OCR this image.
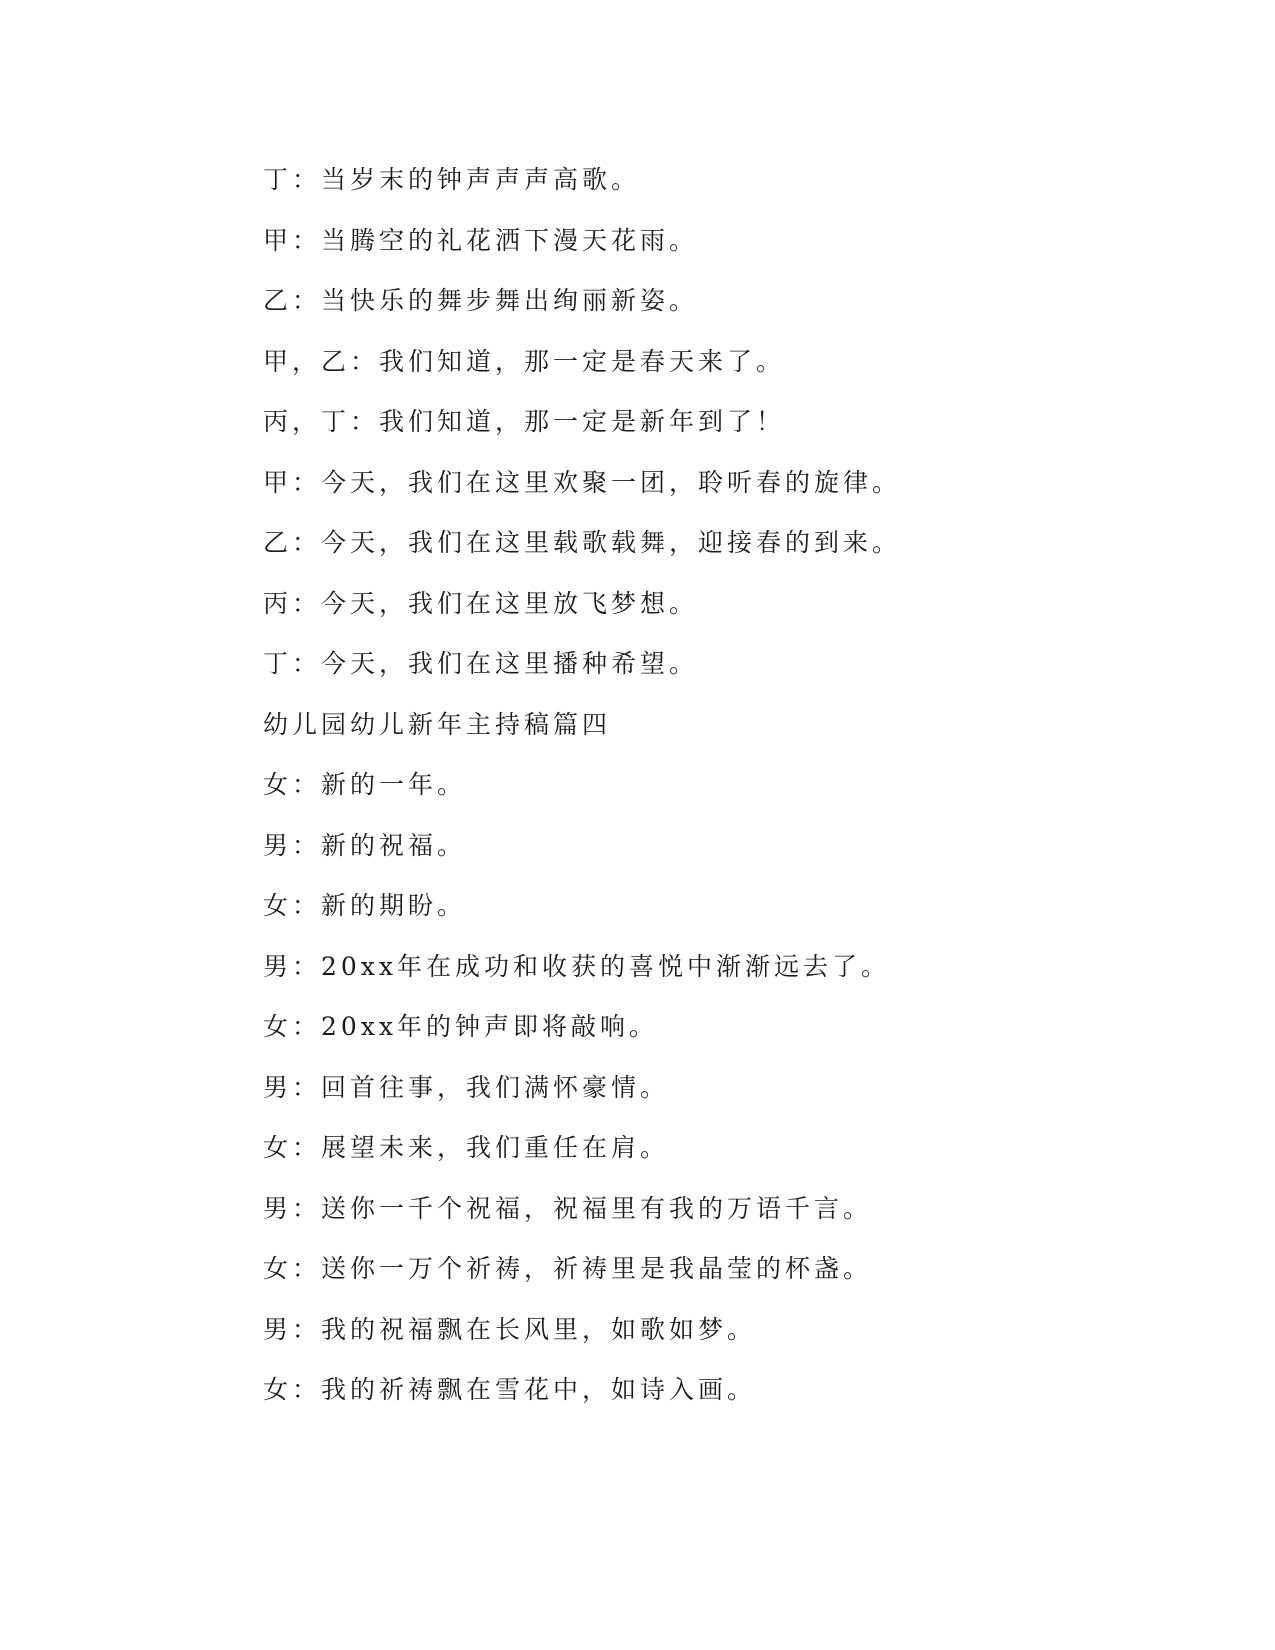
丁：当岁末的钟声声声高歌。

甲：当腾空的礼花洒下漫天花雨。

乙：当快乐的舞步舞出绚丽新姿。

甲，乙：我们知道，那一定是春天来了。

丙，丁：我们知道，那一定是新年到了！

甲：今天，我们在这里欢聚一团，聆听春的旋律。

乙：今天，我们在这里载歌载舞，迎接春的到来。

丙：今天，我们在这里放飞梦想。

丁：今天，我们在这里播种希望。

幼儿园幼儿新年主持稿篇四

女：新的一年。

男：新的祝福。

女：新的期盼。

男：20xx年在成功和收获的喜悦中渐渐远去了。

女：20xx年的钟声即将敲响。

男：回首往事，我们满怀豪情。

女：展望未来，我们重任在肩。

男：送你一千个祝福，祝福里有我的万语千言。

女：送你一万个祈祷，祈祷里是我晶莹的杯盏。

男：我的祝福飘在长风里，如歌如梦。

女：我的祈祷飘在雪花中，如诗入画。
